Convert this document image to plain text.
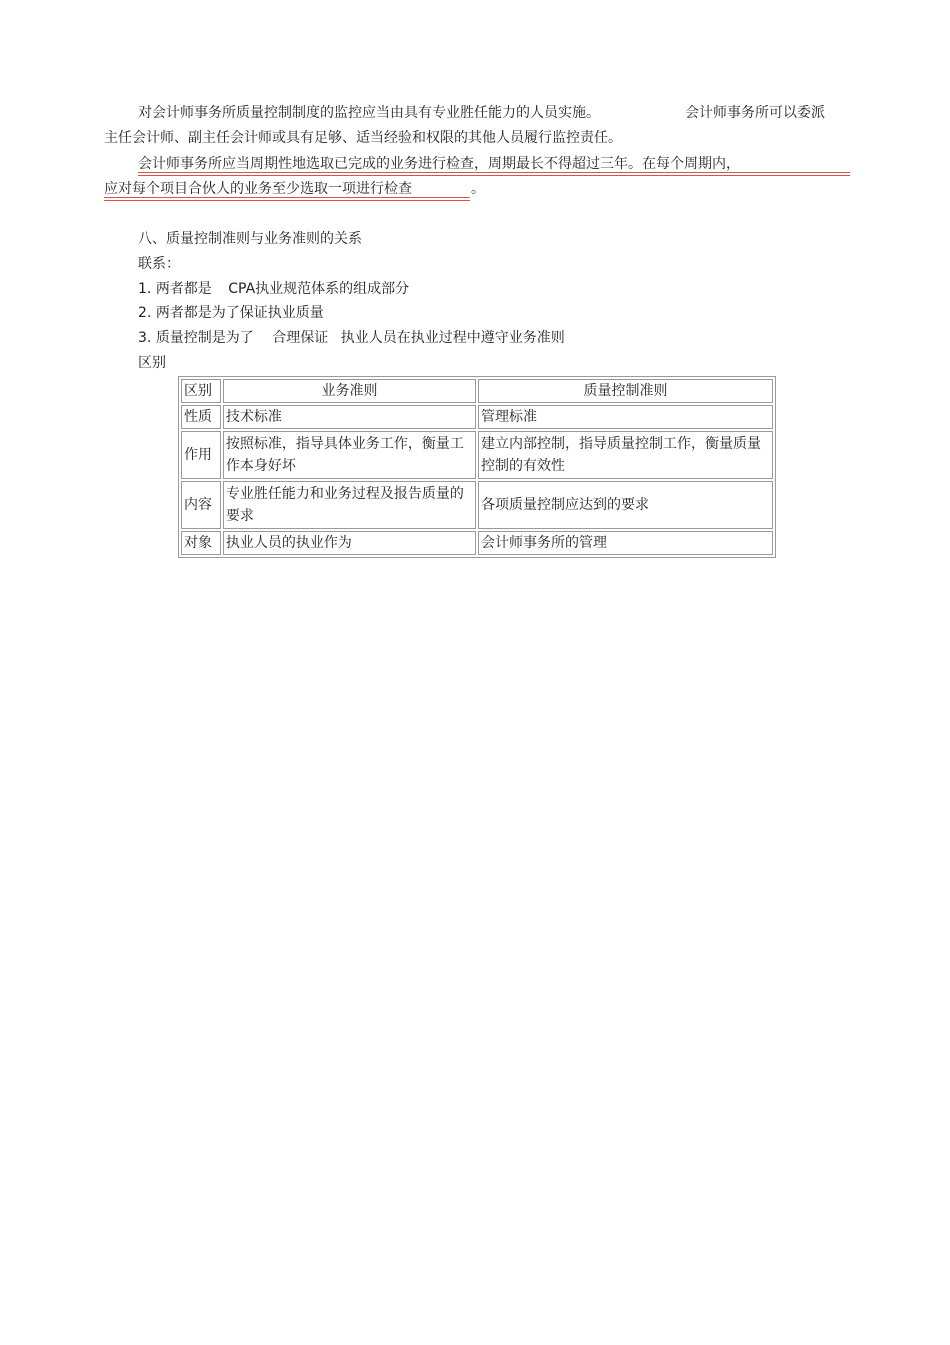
对会计师事务所质量控制制度的监控应当由具有专业胜任能力的人员实施。	会计师事务所可以委派
主任会计师、副主任会计师或具有足够、适当经验和权限的其他人员履行监控责任。
会计师事务所应当周期性地选取已完成的业务进行检查，周期最长不得超过三年。在每个周期内，
应对每个项目合伙人的业务至少选取一项进行检查	。
八、质量控制准则与业务准则的关系
联系：
1. 两者都是 CPA执业规范体系的组成部分
2. 两者都是为了保证执业质量
3. 质量控制是为了 合理保证 执业人员在执业过程中遵守业务准则
区别
区别	业务准则	质量控制准则
性质	技术标准	管理标准
作用	按照标准，指导具体业务工作，衡量工作本身好坏	建立内部控制，指导质量控制工作，衡量质量控制的有效性
内容	专业胜任能力和业务过程及报告质量的要求	各项质量控制应达到的要求
对象	执业人员的执业作为	会计师事务所的管理
